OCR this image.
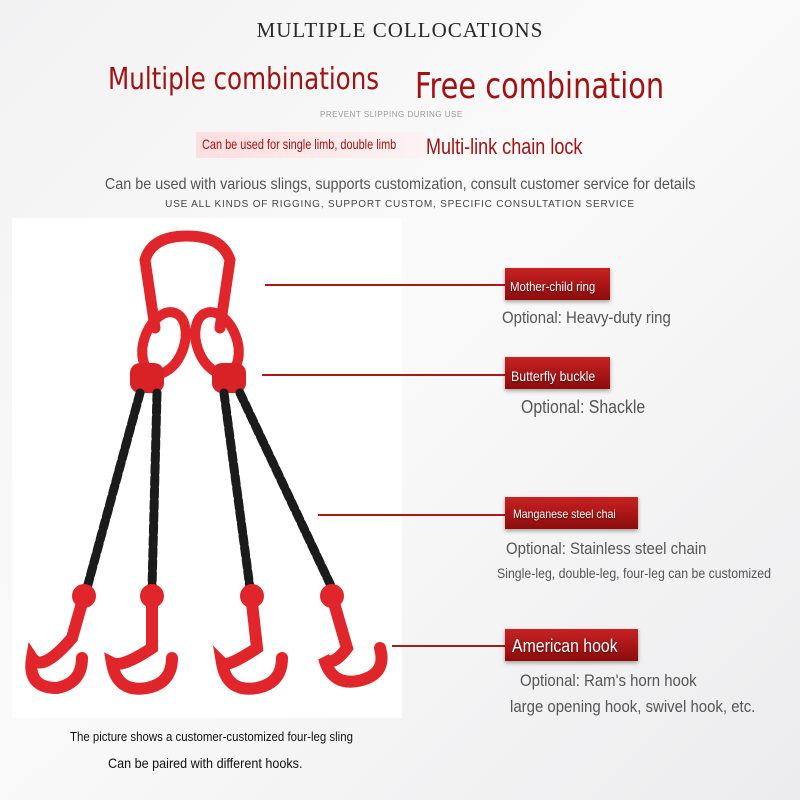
MULTIPLE COLLOCATIONS
Multiple combinations Free combination
PREVENT SLIPPING DURING USE
Can be used for single limb, double limb Multi-link chain lock
Can be used with various slings, supports customization, consult customer service for details
USE ALL KINDS OF RIGGING, SUPPORT CUSTOM, SPECIFIC CONSULTATION SERVICE
Mother-child ring
Optional: Heavy-duty ring
Butterfly buckle
Optional: Shackle
Manganese steel chai
Optional: Stainless steel chain
Single-leg, double-leg, four-leg can be customized
American hook
Optional: Ram's horn hook
large opening hook, swivel hook, etc.
The picture shows a customer-customized four-leg sling
Can be paired with different hooks.
